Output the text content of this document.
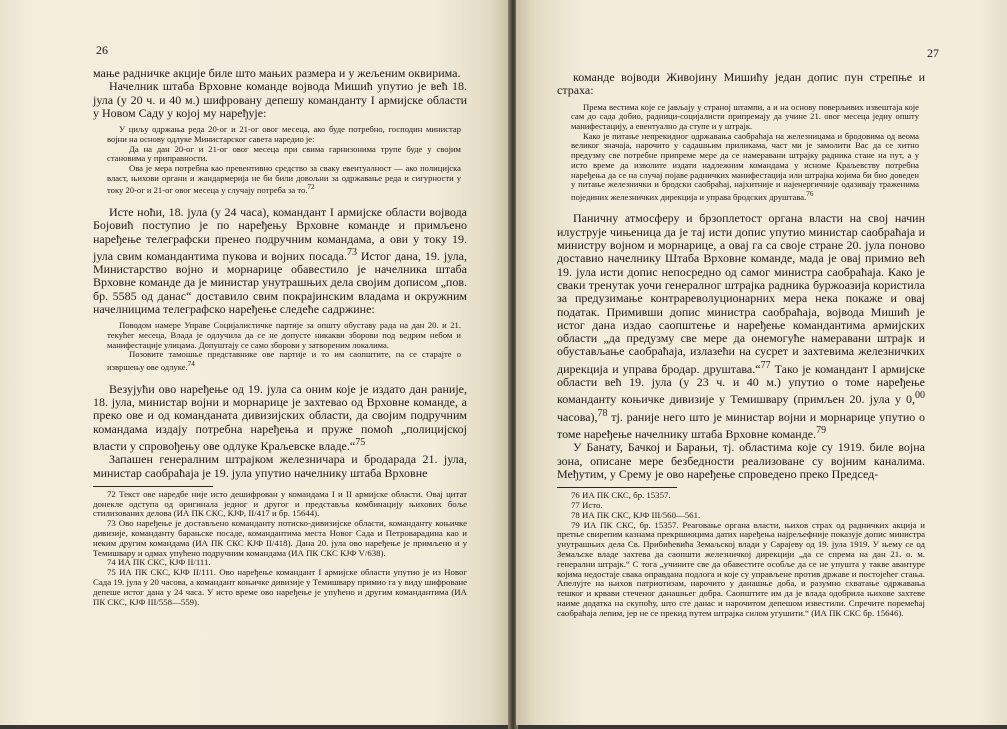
26

мање радничке акције биле што мањих размера и у жељеним оквирима.

Начелник штаба Врховне команде војвода Мишић упутио је већ 18. јула (у 20 ч. и 40 м.) шифровану депешу команданту I армијске области у Новом Саду у којој му наређује:

У циљу одржања реда 20-ог и 21-ог овог месеца, ако буде потребно, господин министар војни на основу одлуке Министарског савета наредио је:

Да на дан 20-ог и 21-ог овог месеца при свима гарнизонима трупе буде у својим становима у приправности.

Ова је мера потребна као превентивно средство за сваку евентуалност — ако полицијска власт, њихови органи и жандармерија не би били довољни за одржавање реда и сигурности у току 20-ог и 21-ог овог месеца у случају потреба за то.$^{72}$

Исте ноћи, 18. јула (у 24 часа), командант I армијске области војвода Бојовић поступио је по наређењу Врховне команде и примљено наређење телеграфски пренео подручним командама, а ови у току 19. јула свим командантима пукова и војних посада.$^{73}$ Истог дана, 19. јула, Министарство војно и морнарице обавестило је начелника штаба Врховне команде да је министар унутрашњих дела својим дописом „пов. бр. 5585 од данас“ доставило свим покрајинским владама и окружним начелницима телеграфско наређење следеће садржине:

Поводом намере Управе Социјалистичке партије за општу обуставу рада на дан 20. и 21. текућег месеца, Влада је одлучила да се не допусте никакви зборови под ведрим небом и манифестације улицама. Допуштају се само зборови у затвореним локалима.

Позовите тамошње представнике ове партије и то им саопштите, па се старајте о извршењу ове одлуке.$^{74}$

Везујући ово наређење од 19. јула са оним које је издато дан раније, 18. јула, министар војни и морнарице је захтевао од Врховне команде, а преко ове и од команданата дивизијских области, да својим подручним командама издају потребна наређења и пруже помоћ „полицијској власти у спровођењу ове одлуке Краљевске владе.“$^{75}$

Запашен генералним штрајком железничара и бродарада 21. јула, министар саобраћаја је 19. јула упутио начелнику штаба Врховне

72 Текст ове наредбе није исто дешифрован у командама I и II армијске области. Овај цитат донекле одступа од оригинала једног и другог и представља комбинацију њихових боље стилизованих делова (ИА ПК СКС, КЈФ, II/417 и бр. 15644).

73 Ово наређење је достављено команданту потиско-дивизијске области, команданту коњичке дивизије, команданту барањске посаде, командантима места Новог Сада и Петроварадина као и неким другим командама (ИА ПК СКС КЈФ II/418). Дана 20. јула ово наређење је примљено и у Темишвару и одмах упућено подручним командама (ИА ПК СКС КЈФ V/638).

74 ИА ПК СКС, КЈФ II/111.

75 ИА ПК СКС, КЈФ II/111. Ово наређење командант I армијске области упутио је из Новог Сада 19. јула у 20 часова, а командант коњичке дивизије у Темишвару примио га у виду шифроване депеше истог дана у 24 часа. У исто време ово наређење је упућено и другим командантима (ИА ПК СКС, КЈФ III/558—559).

27

команде војводи Живојину Мишићу један допис пун стрепње и страха:

Према вестима које се јављају у страној штампи, а и на основу поверљивих извештаја које сам до сада добио, радници-социјалисти припремају да учине 21. овог месеца једну општу манифестацију, а евентуално да ступе и у штрајк.

Како је питање непрекидног одржавања саобраћаја на железницама и бродовима од веома великог значаја, нарочито у садашњим приликама, част ми је замолити Вас да се хитно предузму све потребне припреме мере да се намеравани штрајку радника стане на пут, а у исто време да изволите издати надлежним командама у исноме Краљевству потребна наређења да се на случај појаве радничких манифестација или штрајка којима би био доведен у питање железнички и бродски саобраћај, најхитније и најенергичније одазивају траженима појединих железничких дирекција и управа бродских друштава.$^{76}$

Паничну атмосферу и брзоплетост органа власти на свој начин илуструје чињеница да је тај исти допис упутио министар саобраћаја и министру војном и морнарице, а овај га са своје стране 20. јула поново доставио начелнику Штаба Врховне команде, мада је овај примио већ 19. јула исти допис непосредно од самог министра саобраћаја. Како је сваки тренутак уочи генералног штрајка радника буржоазија користила за предузимање контрареволуционарних мера нека покаже и овај податак. Примивши допис министра саобраћаја, војвода Мишић је истог дана издао саопштење и наређење командантима армијских области „да предузму све мере да онемогуће намеравани штрајк и обустављање саобраћаја, излазећи на сусрет и захтевима железничких дирекција и управа бродар. друштава.“$^{77}$ Тако је командант I армијске области већ 19. јула (у 23 ч. и 40 м.) упутио о томе наређење команданту коњичке дивизије у Темишвару (примљен 20. јула у 0,00 часова),$^{78}$ тј. раније него што је министар војни и морнарице упутио о томе наређење начелнику штаба Врховне команде.$^{79}$

У Банату, Бачкој и Барањи, тј. областима које су 1919. биле војна зона, описане мере безбедности реализоване су војним каналима. Међутим, у Срему је ово наређење спроведено преко Председ-

76 ИА ПК СКС, бр. 15357.

77 Исто.

78 ИА ПК СКС, КЈФ III/560—561.

79 ИА ПК СКС, бр. 15357. Реаговање органа власти, њихов страх од радничких акција и претње свирепим казнама прекршиоцима датих наређења најрељефније показује допис министра унутрашњих дела Св. Прибићевића Земаљској влади у Сарајеву од 19. јула 1919. У њему се од Земаљске владе захтева да саопшти железничкој дирекцији „да се спрема на дан 21. о. м. генерални штрајк.“ С тога „учините све да обавестите особље да се не упушта у такве авантуре којима недостаје свака оправдана подлога и које су управљене против државе и постојећег стања. Апелујте на њихов патриотизам, нарочито у данашње доба, и разумно схватање одржавања тешког и крвави стеченог данашњег добра. Саопштите им да је влада одобрила њихове захтеве наиме додатка на скупоћу, што сте данас и нарочитом депешом известили. Спречите поремећај саобраћаја лепим, јер не се прекид путем штрајка силом угушити.“ (ИА ПК СКС бр. 15646).
